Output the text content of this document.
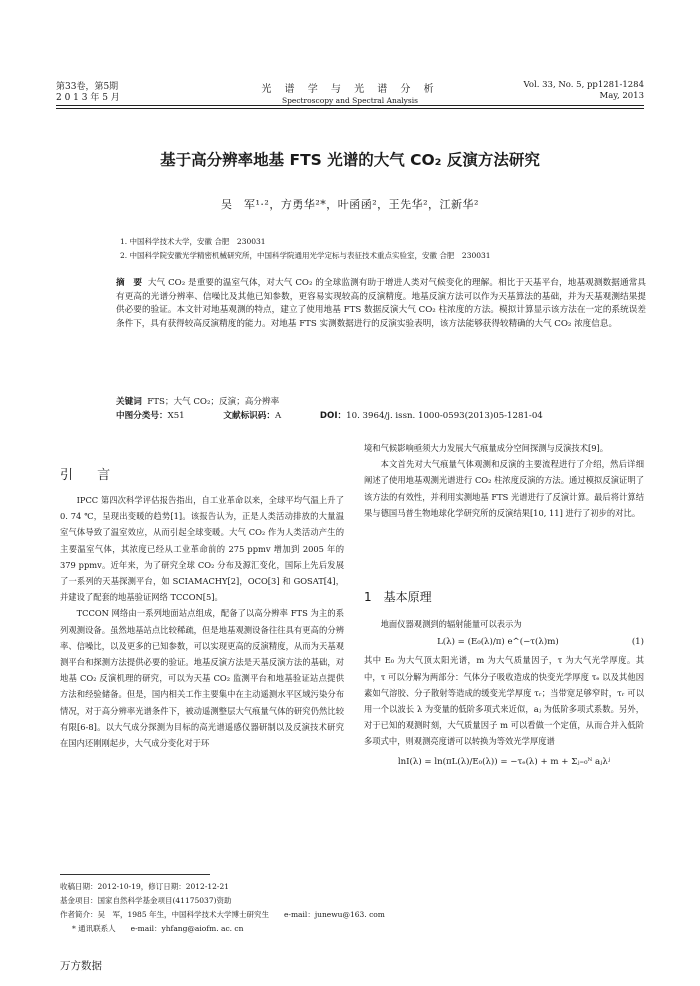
第33卷，第5期
2 0 1 3 年 5 月
光 谱 学 与 光 谱 分 析
Spectroscopy and Spectral Analysis
Vol. 33, No. 5, pp1281-1284
May, 2013
基于高分辨率地基 FTS 光谱的大气 CO₂ 反演方法研究
吴　军¹·²，方勇华²*，叶函函²，王先华²，江新华²
1. 中国科学技术大学，安徽 合肥　230031
2. 中国科学院安徽光学精密机械研究所，中国科学院通用光学定标与表征技术重点实验室，安徽 合肥　230031
摘　要 大气 CO₂ 是重要的温室气体，对大气 CO₂ 的全球监测有助于增进人类对气候变化的理解。相比于天基平台，地基观测数据通常具有更高的光谱分辨率、信噪比及其他已知参数，更容易实现较高的反演精度。地基反演方法可以作为天基算法的基础，并为天基观测结果提供必要的验证。本文针对地基观测的特点，建立了使用地基 FTS 数据反演大气 CO₂ 柱浓度的方法。模拟计算显示该方法在一定的系统误差条件下，具有获得较高反演精度的能力。对地基 FTS 实测数据进行的反演实验表明，该方法能够获得较精确的大气 CO₂ 浓度信息。
关键词 FTS；大气 CO₂；反演；高分辨率
中图分类号：X51	文献标识码：A	DOI：10. 3964/j. issn. 1000-0593(2013)05-1281-04
引 言

IPCC 第四次科学评估报告指出，自工业革命以来，全球平均气温上升了 0. 74 ℃，呈现出变暖的趋势[1]。该报告认为，正是人类活动排放的大量温室气体导致了温室效应，从而引起全球变暖。大气 CO₂ 作为人类活动产生的主要温室气体，其浓度已经从工业革命前的 275 ppmv 增加到 2005 年的 379 ppmv。近年来，为了研究全球 CO₂ 分布及源汇变化，国际上先后发展了一系列的天基探测平台，如 SCIAMACHY[2]，OCO[3] 和 GOSAT[4]，并建设了配套的地基验证网络 TCCON[5]。

TCCON 网络由一系列地面站点组成，配备了以高分辨率 FTS 为主的系列观测设备。虽然地基站点比较稀疏，但是地基观测设备往往具有更高的分辨率、信噪比，以及更多的已知参数，可以实现更高的反演精度，从而为天基观测平台和探测方法提供必要的验证。地基反演方法是天基反演方法的基础，对地基 CO₂ 反演机理的研究，可以为天基 CO₂ 监测平台和地基验证站点提供方法和经验储备。但是，国内相关工作主要集中在主动遥测水平区域污染分布情况，对于高分辨率光谱条件下，被动遥测整层大气痕量气体的研究仍然比较有限[6-8]。以大气成分探测为目标的高光谱遥感仪器研制以及反演技术研究在国内还刚刚起步，大气成分变化对于环

境和气候影响亟须大力发展大气痕量成分空间探测与反演技术[9]。

本文首先对大气痕量气体观测和反演的主要流程进行了介绍，然后详细阐述了使用地基观测光谱进行 CO₂ 柱浓度反演的方法。通过模拟反演证明了该方法的有效性，并利用实测地基 FTS 光谱进行了反演计算。最后将计算结果与德国马普生物地球化学研究所的反演结果[10, 11] 进行了初步的对比。

1　基本原理

地面仪器观测到的辐射能量可以表示为

L(λ) = (E₀(λ)/π) e^(−τ(λ)m)	(1)
其中 E₀ 为大气顶太阳光谱，m 为大气质量因子，τ 为大气光学厚度。其中，τ 可以分解为两部分：气体分子吸收造成的快变光学厚度 τₑ 以及其他因素如气溶胶、分子散射等造成的缓变光学厚度 τᵣ；当带宽足够窄时，τᵣ 可以用一个以波长 λ 为变量的低阶多项式来近似，aⱼ 为低阶多项式系数。另外，对于已知的观测时刻，大气质量因子 m 可以看做一个定值，从而合并入低阶多项式中，则观测亮度谱可以转换为等效光学厚度谱
lnI(λ) = ln(πL(λ)/E₀(λ)) = −τₑ(λ) + m + Σⱼ₌₀ᴺ aⱼλʲ
收稿日期：2012-10-19，修订日期：2012-12-21
基金项目：国家自然科学基金项目(41175037)资助
作者简介：吴　军，1985 年生，中国科学技术大学博士研究生　　e-mail：junewu@163. com
* 通讯联系人　　e-mail：yhfang@aiofm. ac. cn
万方数据
